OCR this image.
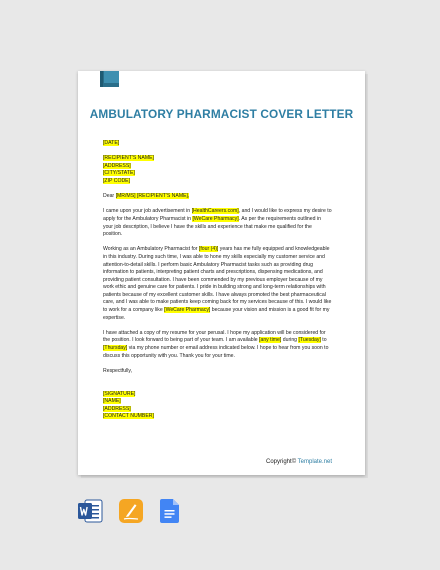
AMBULATORY PHARMACIST COVER LETTER
[DATE]
[RECIPIENT'S NAME]
[ADDRESS]
[CITY/STATE]
[ZIP CODE]
Dear [MR/MS] [RECIPIENT'S NAME],
I came upon your job advertisement in [HealthCareers.com], and I would like to express my desire to
apply for the Ambulatory Pharmacist in [WeCare Pharmacy]. As per the requirements outlined in
your job description, I believe I have the skills and experience that make me qualified for the
position.
Working as an Ambulatory Pharmacist for [four (4)] years has me fully equipped and knowledgeable
in this industry. During such time, I was able to hone my skills especially my customer service and
attention-to-detail skills. I perform basic Ambulatory Pharmacist tasks such as providing drug
information to patients, interpreting patient charts and prescriptions, dispensing medications, and
providing patient consultation. I have been commended by my previous employer because of my
work ethic and genuine care for patients. I pride in building strong and long-term relationships with
patients because of my excellent customer skills. I have always promoted the best pharmaceutical
care, and I was able to make patients keep coming back for my services because of this. I would like
to work for a company like [WeCare Pharmacy] because your vision and mission is a good fit for my
expertise.
I have attached a copy of my resume for your perusal. I hope my application will be considered for
the position. I look forward to being part of your team. I am available [any time] during [Tuesday] to
[Thursday] via my phone number or email address indicated below. I hope to hear from you soon to
discuss this opportunity with you. Thank you for your time.
Respectfully,
[SIGNATURE]
[NAME]
[ADDRESS]
[CONTACT NUMBER]
Copyright© Template.net
